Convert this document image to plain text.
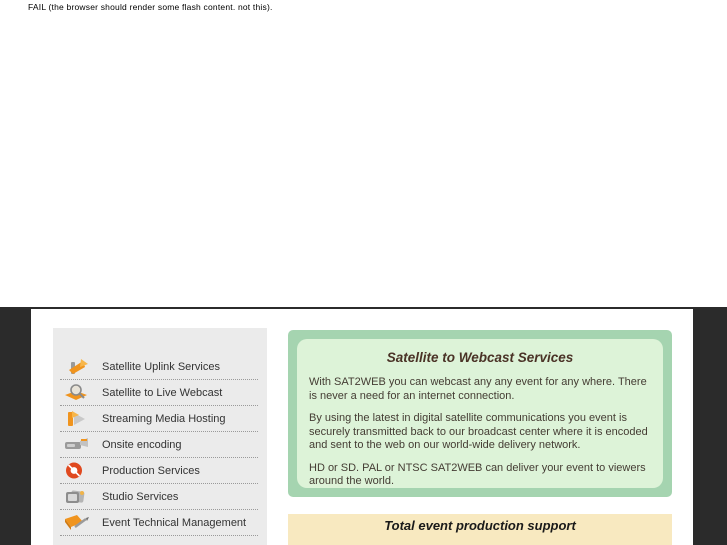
FAIL (the browser should render some flash content. not this).
Satellite Uplink Services
Satellite to Live Webcast
Streaming Media Hosting
Onsite encoding
Production Services
Studio Services
Event Technical Management
Satellite to Webcast Services

With SAT2WEB you can webcast any any event for any where. There is never a need for an internet connection.

By using the latest in digital satellite communications you event is securely transmitted back to our broadcast center where it is encoded and sent to the web on our world-wide delivery network.

HD or SD. PAL or NTSC SAT2WEB can deliver your event to viewers around the world.

Total event production support
